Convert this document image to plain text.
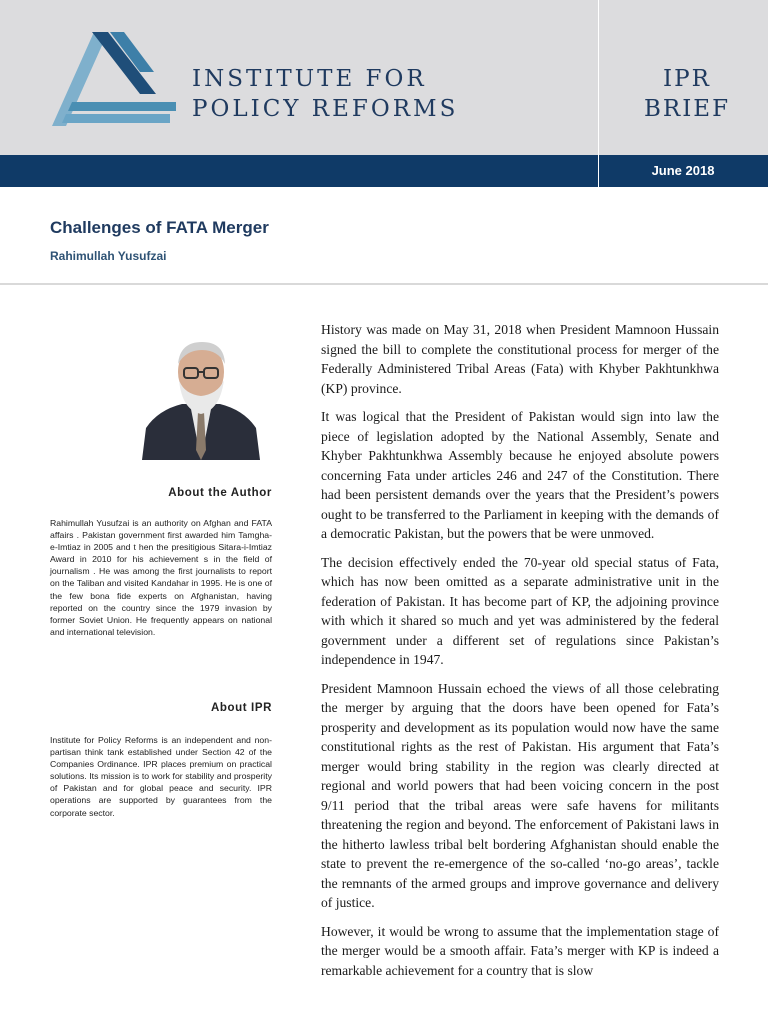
INSTITUTE FOR
POLICY REFORMS
IPR
BRIEF
June 2018
Challenges of FATA Merger
Rahimullah Yusufzai
About the Author
Rahimullah Yusufzai is an authority on Afghan and FATA affairs . Pakistan government first awarded him Tamgha-e-Imtiaz in 2005 and t hen the presitigious Sitara-i-Imtiaz Award in 2010 for his achievement s in the field of journalism . He was among the first journalists to report on the Taliban and visited Kandahar in 1995. He is one of the few bona fide experts on Afghanistan, having reported on the country since the 1979 invasion by former Soviet Union. He frequently appears on national and international television.
About IPR
Institute for Policy Reforms is an independent and non-partisan think tank established under Section 42 of the Companies Ordinance. IPR places premium on practical solutions. Its mission is to work for stability and prosperity of Pakistan and for global peace and security. IPR operations are supported by guarantees from the corporate sector.

History was made on May 31, 2018 when President Mamnoon Hussain signed the bill to complete the constitutional process for merger of the Federally Administered Tribal Areas (Fata) with Khyber Pakhtunkhwa (KP) province.

It was logical that the President of Pakistan would sign into law the piece of legislation adopted by the National Assembly, Senate and Khyber Pakhtunkhwa Assembly because he enjoyed absolute powers concerning Fata under articles 246 and 247 of the Constitution. There had been persistent demands over the years that the President’s powers ought to be transferred to the Parliament in keeping with the demands of a democratic Pakistan, but the powers that be were unmoved.

The decision effectively ended the 70-year old special status of Fata, which has now been omitted as a separate administrative unit in the federation of Pakistan. It has become part of KP, the adjoining province with which it shared so much and yet was administered by the federal government under a different set of regulations since Pakistan’s independence in 1947.

President Mamnoon Hussain echoed the views of all those celebrating the merger by arguing that the doors have been opened for Fata’s prosperity and development as its population would now have the same constitutional rights as the rest of Pakistan. His argument that Fata’s merger would bring stability in the region was clearly directed at regional and world powers that had been voicing concern in the post 9/11 period that the tribal areas were safe havens for militants threatening the region and beyond. The enforcement of Pakistani laws in the hitherto lawless tribal belt bordering Afghanistan should enable the state to prevent the re-emergence of the so-called ‘no-go areas’, tackle the remnants of the armed groups and improve governance and delivery of justice.

However, it would be wrong to assume that the implementation stage of the merger would be a smooth affair. Fata’s merger with KP is indeed a remarkable achievement for a country that is slow
